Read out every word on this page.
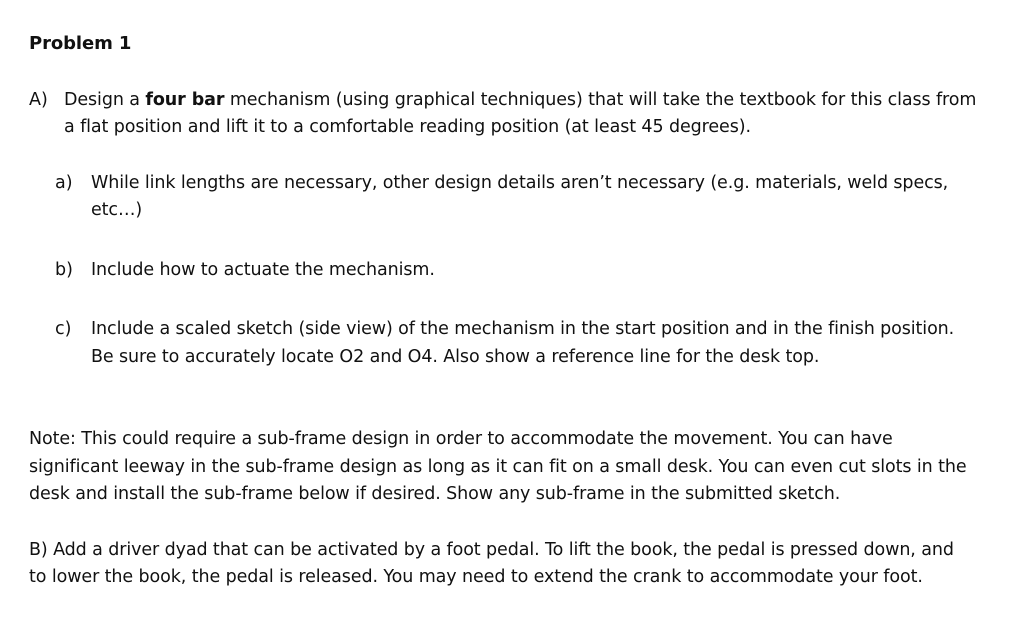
Problem 1
A) Design a four bar mechanism (using graphical techniques) that will take the textbook for this class from
a flat position and lift it to a comfortable reading position (at least 45 degrees).
a) While link lengths are necessary, other design details aren’t necessary (e.g. materials, weld specs,
etc…)
b) Include how to actuate the mechanism.
c) Include a scaled sketch (side view) of the mechanism in the start position and in the finish position.
Be sure to accurately locate O2 and O4. Also show a reference line for the desk top.
Note: This could require a sub-frame design in order to accommodate the movement. You can have
significant leeway in the sub-frame design as long as it can fit on a small desk. You can even cut slots in the
desk and install the sub-frame below if desired. Show any sub-frame in the submitted sketch.
B) Add a driver dyad that can be activated by a foot pedal. To lift the book, the pedal is pressed down, and
to lower the book, the pedal is released. You may need to extend the crank to accommodate your foot.
